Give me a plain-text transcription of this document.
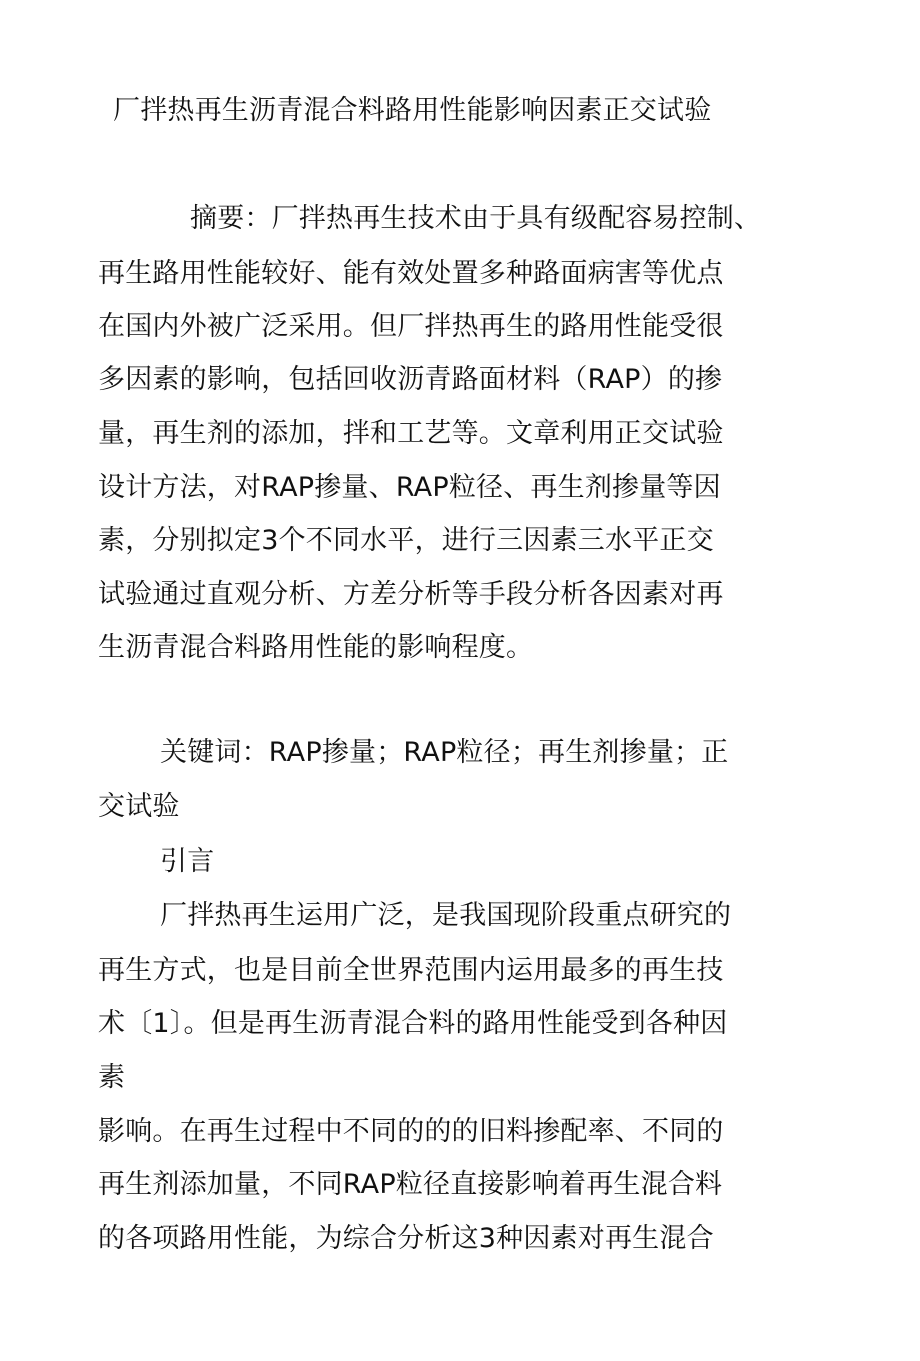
厂拌热再生沥青混合料路用性能影响因素正交试验
摘要：厂拌热再生技术由于具有级配容易控制、
再生路用性能较好、能有效处置多种路面病害等优点
在国内外被广泛采用。但厂拌热再生的路用性能受很
多因素的影响，包括回收沥青路面材料（RAP）的掺
量，再生剂的添加，拌和工艺等。文章利用正交试验
设计方法，对RAP掺量、RAP粒径、再生剂掺量等因
素，分别拟定3个不同水平，进行三因素三水平正交
试验通过直观分析、方差分析等手段分析各因素对再
生沥青混合料路用性能的影响程度。
关键词：RAP掺量；RAP粒径；再生剂掺量；正
交试验
引言
厂拌热再生运用广泛，是我国现阶段重点研究的
再生方式，也是目前全世界范围内运用最多的再生技
术〔1〕。但是再生沥青混合料的路用性能受到各种因
素
影响。在再生过程中不同的的的旧料掺配率、不同的
再生剂添加量，不同RAP粒径直接影响着再生混合料
的各项路用性能，为综合分析这3种因素对再生混合
